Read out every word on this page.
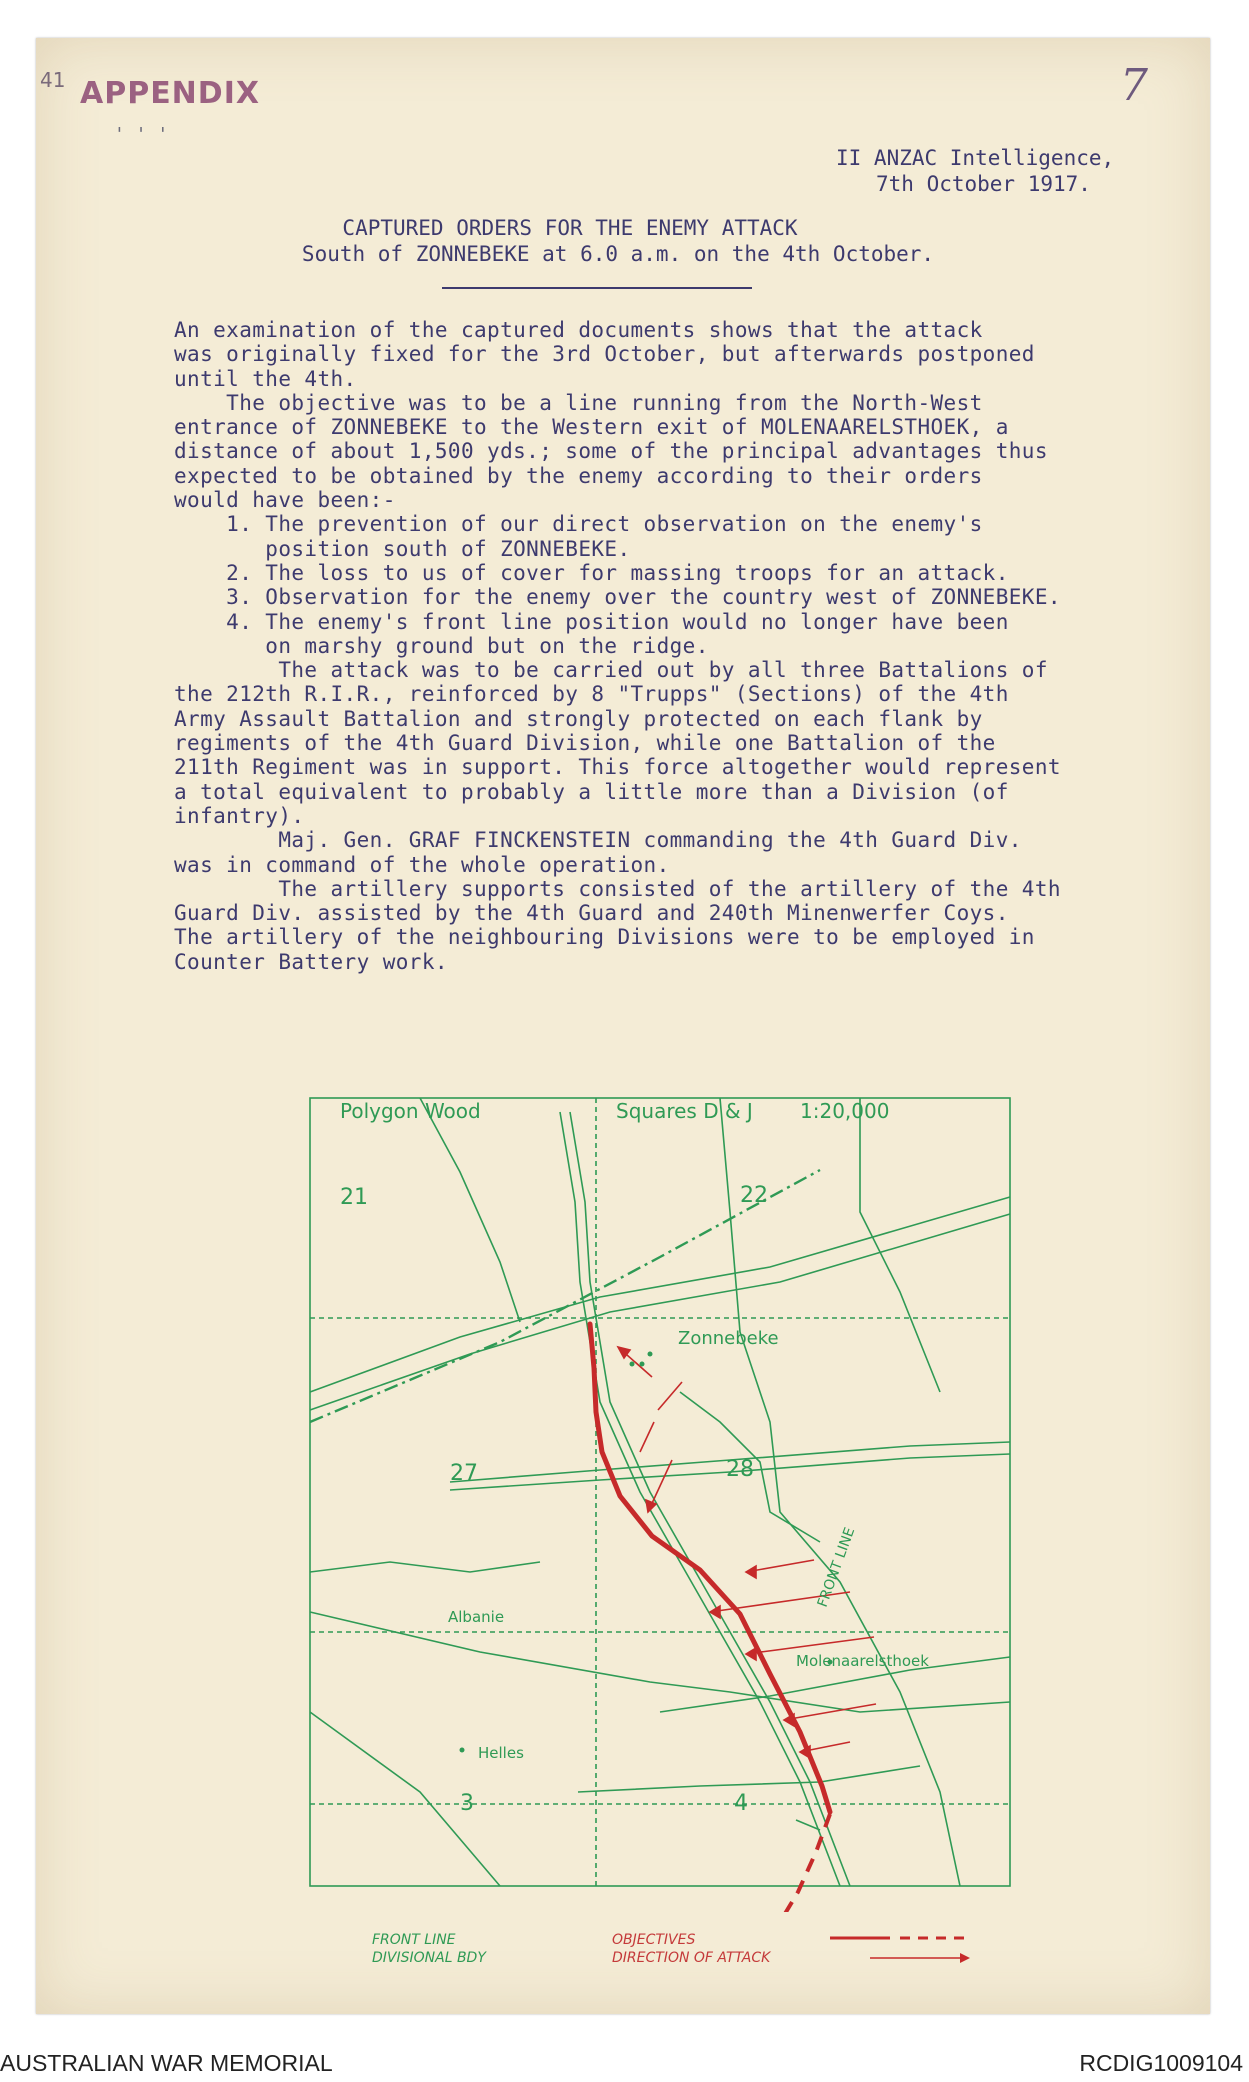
41 APPENDIX	7
' ' '
II ANZAC Intelligence,
7th October 1917.
CAPTURED ORDERS FOR THE ENEMY ATTACK
South of ZONNEBEKE at 6.0 a.m. on the 4th October.
An examination of the captured documents shows that the attack
was originally fixed for the 3rd October, but afterwards postponed
until the 4th.
The objective was to be a line running from the North-West
entrance of ZONNEBEKE to the Western exit of MOLENAARELSTHOEK, a
distance of about 1,500 yds.; some of the principal advantages thus
expected to be obtained by the enemy according to their orders
would have been:-
1. The prevention of our direct observation on the enemy's
position south of ZONNEBEKE.
2. The loss to us of cover for massing troops for an attack.
3. Observation for the enemy over the country west of ZONNEBEKE.
4. The enemy's front line position would no longer have been
on marshy ground but on the ridge.
The attack was to be carried out by all three Battalions of
the 212th R.I.R., reinforced by 8 "Trupps" (Sections) of the 4th
Army Assault Battalion and strongly protected on each flank by
regiments of the 4th Guard Division, while one Battalion of the
211th Regiment was in support. This force altogether would represent
a total equivalent to probably a little more than a Division (of
infantry).
Maj. Gen. GRAF FINCKENSTEIN commanding the 4th Guard Div.
was in command of the whole operation.
The artillery supports consisted of the artillery of the 4th
Guard Div. assisted by the 4th Guard and 240th Minenwerfer Coys.
The artillery of the neighbouring Divisions were to be employed in
Counter Battery work.
Polygon Wood	Squares D & J 1:20,000
21	22
27	28
3	4
Zonnebeke
Albanie
Helles
Molenaarelsthoek
FRONT LINE
FRONT LINE
DIVISIONAL BDY
OBJECTIVES
DIRECTION OF ATTACK
AUSTRALIAN WAR MEMORIAL	RCDIG1009104
